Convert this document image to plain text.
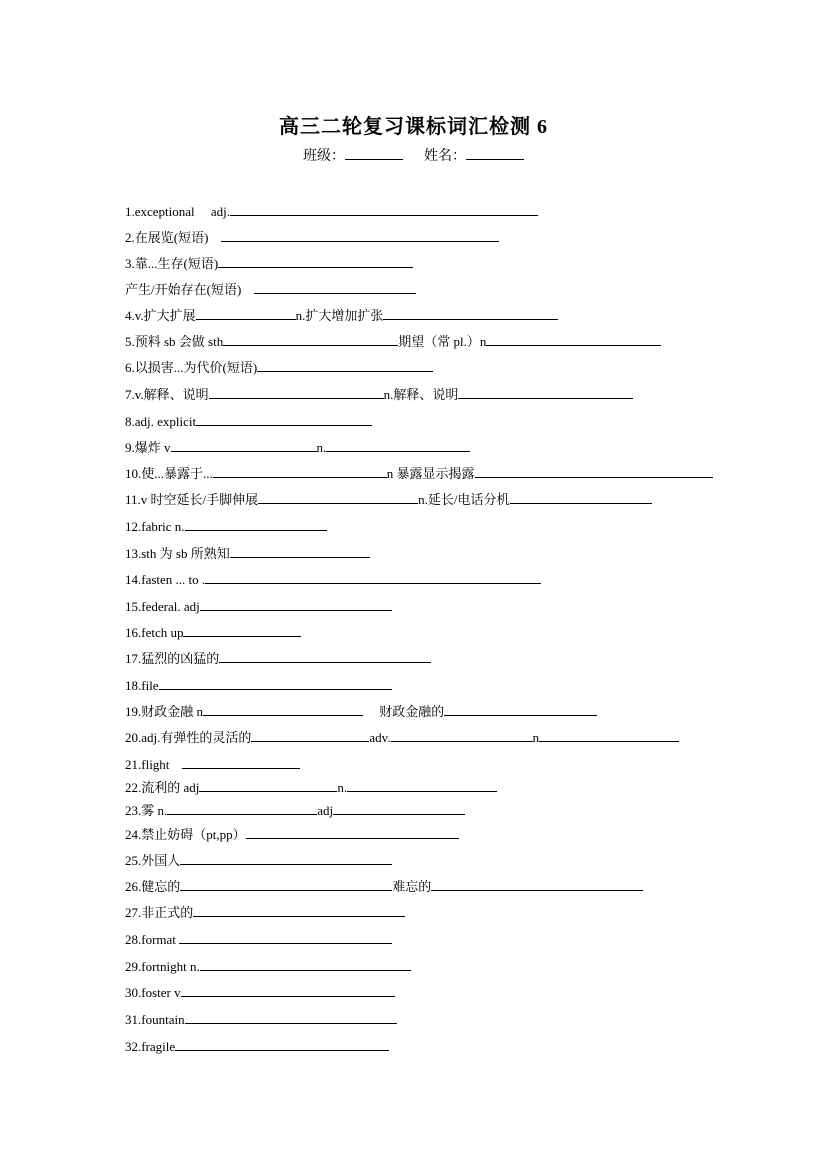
高三二轮复习课标词汇检测 6
班级：	姓名：
1.exceptional　 adj.
2.在展览(短语)　
3.靠...生存(短语)
产生/开始存在(短语)　
4.v.扩大扩展	n.扩大增加扩张
5.预料 sb 会做 sth	期望（常 pl.）n
6.以损害...为代价(短语)
7.v.解释、说明	n.解释、说明
8.adj. explicit
9.爆炸 v	n.
10.使...暴露于...	n 暴露显示揭露
11.v 时空延长/手脚伸展	n.延长/电话分机
12.fabric n.
13.sth 为 sb 所熟知
14.fasten ... to .
15.federal. adj
16.fetch up
17.猛烈的凶猛的
18.file
19.财政金融 n	　 财政金融的
20.adj.有弹性的灵活的	adv.	n
21.flight　
22.流利的 adj	n.
23.雾 n.	adj
24.禁止妨碍（pt,pp）
25.外国人
26.健忘的	难忘的
27.非正式的
28.format
29.fortnight n.
30.foster v
31.fountain
32.fragile
